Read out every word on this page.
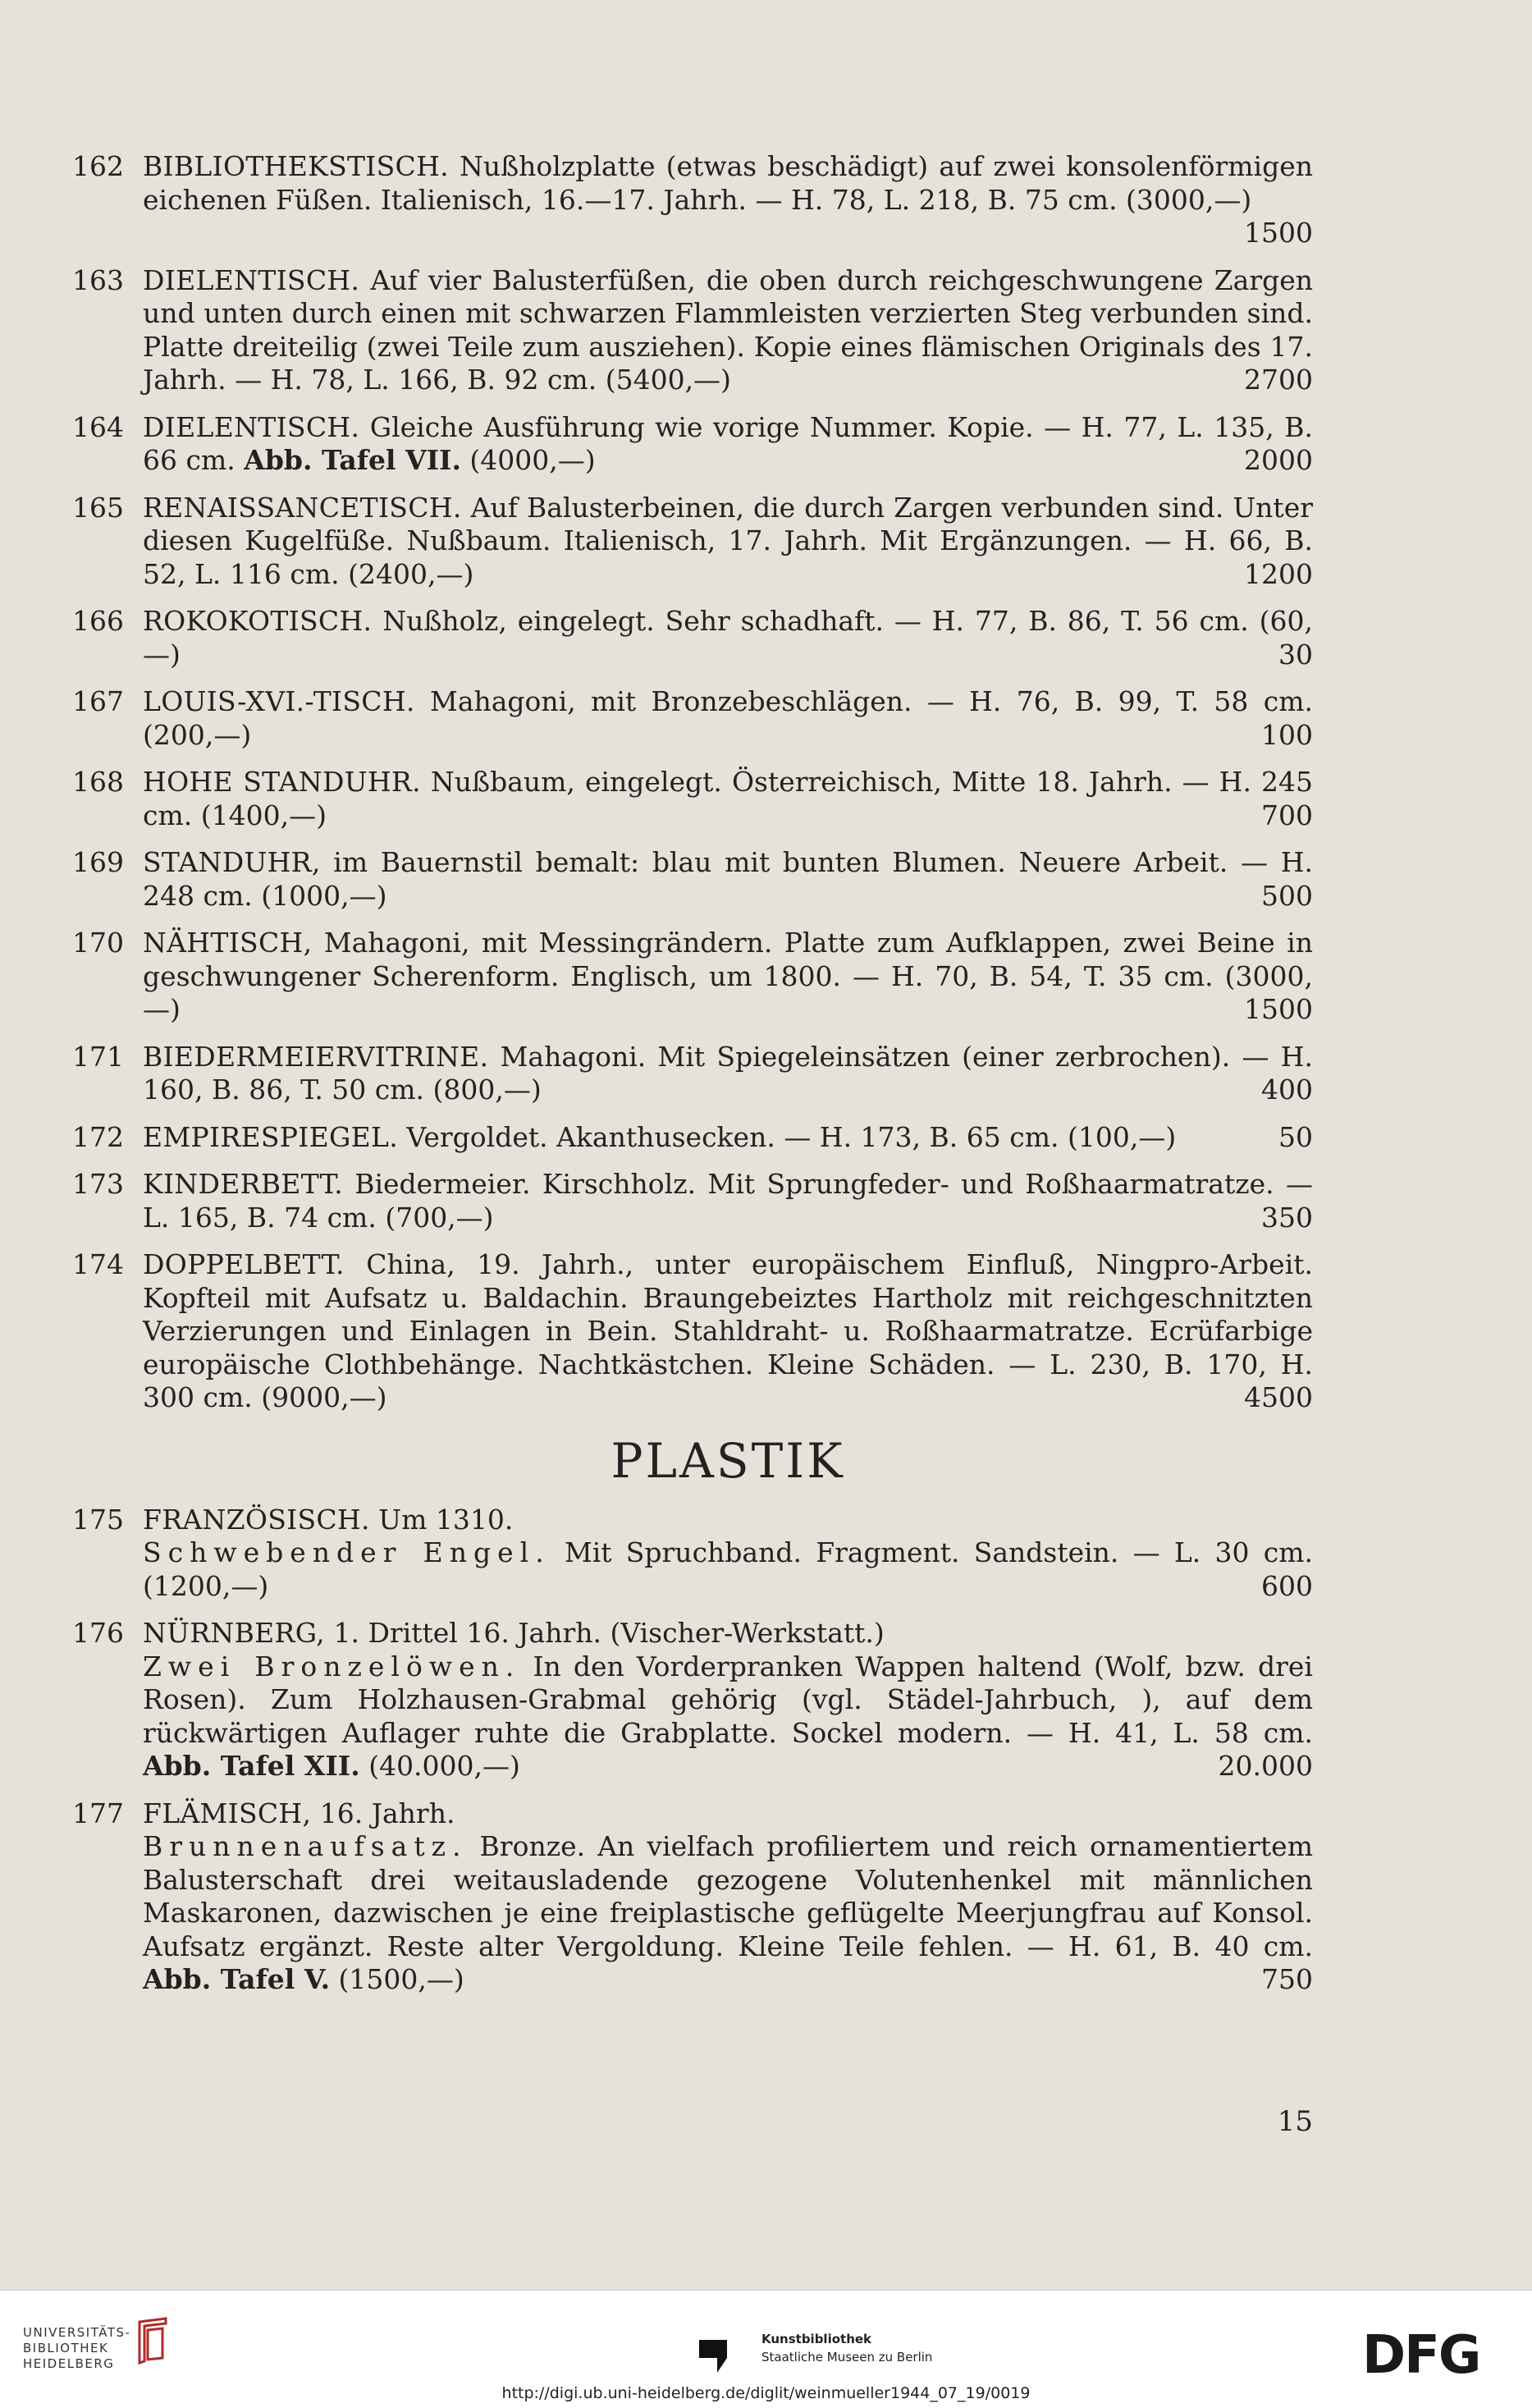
162 BIBLIOTHEKSTISCH. Nußholzplatte (etwas beschädigt) auf zwei konsolenförmigen eichenen Füßen. Italienisch, 16.—17. Jahrh. — H. 78, L. 218, B. 75 cm. (3000,—)
1500
163 DIELENTISCH. Auf vier Balusterfüßen, die oben durch reichgeschwungene Zargen und unten durch einen mit schwarzen Flammleisten verzierten Steg verbunden sind. Platte dreiteilig (zwei Teile zum ausziehen). Kopie eines flämischen Originals des 17. Jahrh. — H. 78, L. 166, B. 92 cm. (5400,—)	2700
164 DIELENTISCH. Gleiche Ausführung wie vorige Nummer. Kopie. — H. 77, L. 135, B. 66 cm. Abb. Tafel VII. (4000,—)	2000
165 RENAISSANCETISCH. Auf Balusterbeinen, die durch Zargen verbunden sind. Unter diesen Kugelfüße. Nußbaum. Italienisch, 17. Jahrh. Mit Ergänzungen. — H. 66, B. 52, L. 116 cm. (2400,—)	1200
166 ROKOKOTISCH. Nußholz, eingelegt. Sehr schadhaft. — H. 77, B. 86, T. 56 cm. (60,—)	30
167 LOUIS-XVI.-TISCH. Mahagoni, mit Bronzebeschlägen. — H. 76, B. 99, T. 58 cm. (200,—)	100
168 HOHE STANDUHR. Nußbaum, eingelegt. Österreichisch, Mitte 18. Jahrh. — H. 245 cm. (1400,—)	700
169 STANDUHR, im Bauernstil bemalt: blau mit bunten Blumen. Neuere Arbeit. — H. 248 cm. (1000,—)	500
170 NÄHTISCH, Mahagoni, mit Messingrändern. Platte zum Aufklappen, zwei Beine in geschwungener Scherenform. Englisch, um 1800. — H. 70, B. 54, T. 35 cm. (3000,—)	1500
171 BIEDERMEIERVITRINE. Mahagoni. Mit Spiegeleinsätzen (einer zerbrochen). — H. 160, B. 86, T. 50 cm. (800,—)	400
172 EMPIRESPIEGEL. Vergoldet. Akanthusecken. — H. 173, B. 65 cm. (100,—)	50
173 KINDERBETT. Biedermeier. Kirschholz. Mit Sprungfeder- und Roßhaarmatratze. — L. 165, B. 74 cm. (700,—)	350
174 DOPPELBETT. China, 19. Jahrh., unter europäischem Einfluß, Ningpro-Arbeit. Kopfteil mit Aufsatz u. Baldachin. Braungebeiztes Hartholz mit reichgeschnitzten Verzierungen und Einlagen in Bein. Stahldraht- u. Roßhaarmatratze. Ecrüfarbige europäische Clothbehänge. Nachtkästchen. Kleine Schäden. — L. 230, B. 170, H. 300 cm. (9000,—)	4500
PLASTIK
175 FRANZÖSISCH. Um 1310.
Schwebender Engel. Mit Spruchband. Fragment. Sandstein. — L. 30 cm. (1200,—)	600
176 NÜRNBERG, 1. Drittel 16. Jahrh. (Vischer-Werkstatt.)
Zwei Bronzelöwen. In den Vorderpranken Wappen haltend (Wolf, bzw. drei Rosen). Zum Holzhausen-Grabmal gehörig (vgl. Städel-Jahrbuch, ), auf dem rückwärtigen Auflager ruhte die Grabplatte. Sockel modern. — H. 41, L. 58 cm. Abb. Tafel XII. (40.000,—)	20.000
177 FLÄMISCH, 16. Jahrh.
Brunnenaufsatz. Bronze. An vielfach profiliertem und reich ornamentiertem Balusterschaft drei weitausladende gezogene Volutenhenkel mit männlichen Maskaronen, dazwischen je eine freiplastische geflügelte Meerjungfrau auf Konsol. Aufsatz ergänzt. Reste alter Vergoldung. Kleine Teile fehlen. — H. 61, B. 40 cm. Abb. Tafel V. (1500,—)	750
15
UNIVERSITÄTS-
BIBLIOTHEK
HEIDELBERG
Kunstbibliothek
Staatliche Museen zu Berlin	DFG
http://digi.ub.uni-heidelberg.de/diglit/weinmueller1944_07_19/0019
